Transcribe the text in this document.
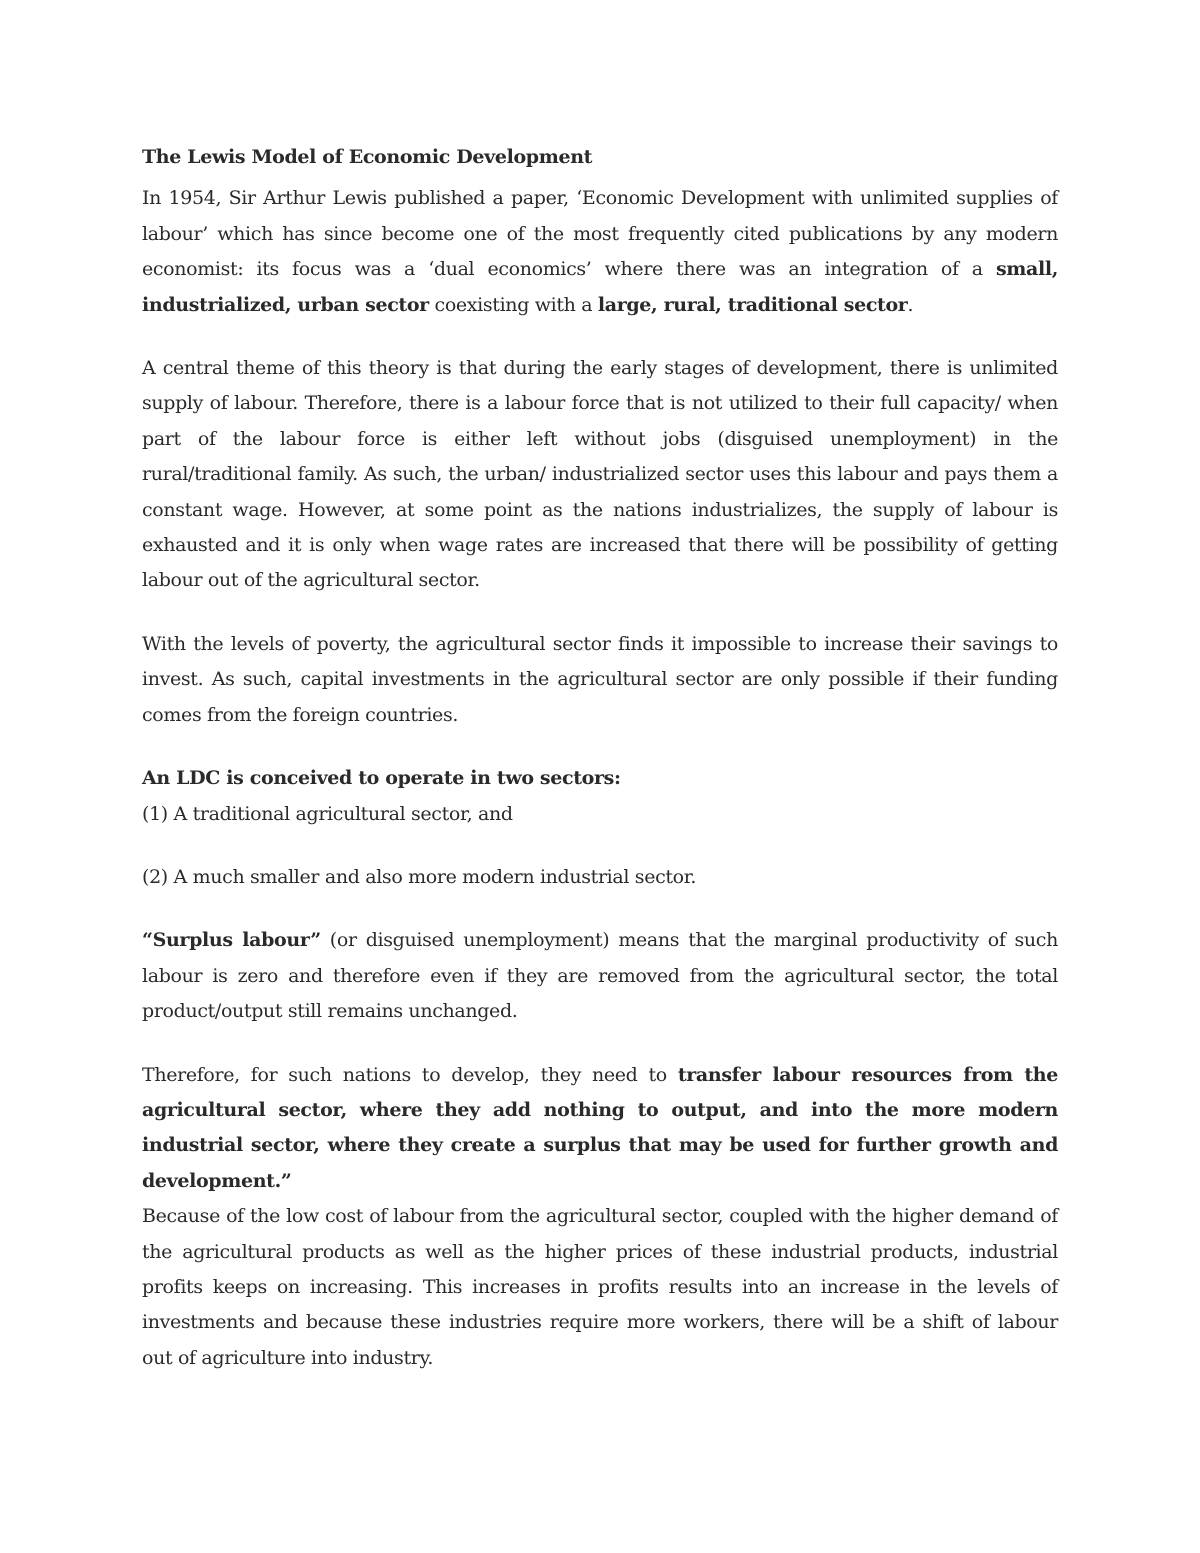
The Lewis Model of Economic Development

In 1954, Sir Arthur Lewis published a paper, ‘Economic Development with unlimited supplies of labour’ which has since become one of the most frequently cited publications by any modern economist: its focus was a ‘dual economics’ where there was an integration of a small, industrialized, urban sector coexisting with a large, rural, traditional sector.

A central theme of this theory is that during the early stages of development, there is unlimited supply of labour. Therefore, there is a labour force that is not utilized to their full capacity/ when part of the labour force is either left without jobs (disguised unemployment) in the rural/traditional family. As such, the urban/ industrialized sector uses this labour and pays them a constant wage. However, at some point as the nations industrializes, the supply of labour is exhausted and it is only when wage rates are increased that there will be possibility of getting labour out of the agricultural sector.

With the levels of poverty, the agricultural sector finds it impossible to increase their savings to invest. As such, capital investments in the agricultural sector are only possible if their funding comes from the foreign countries.

An LDC is conceived to operate in two sectors:

(1) A traditional agricultural sector, and

(2) A much smaller and also more modern industrial sector.

“Surplus labour” (or disguised unemployment) means that the marginal productivity of such labour is zero and therefore even if they are removed from the agricultural sector, the total product/output still remains unchanged.

Therefore, for such nations to develop, they need to transfer labour resources from the agricultural sector, where they add nothing to output, and into the more modern industrial sector, where they create a surplus that may be used for further growth and development.”

Because of the low cost of labour from the agricultural sector, coupled with the higher demand of the agricultural products as well as the higher prices of these industrial products, industrial profits keeps on increasing. This increases in profits results into an increase in the levels of investments and because these industries require more workers, there will be a shift of labour out of agriculture into industry.
